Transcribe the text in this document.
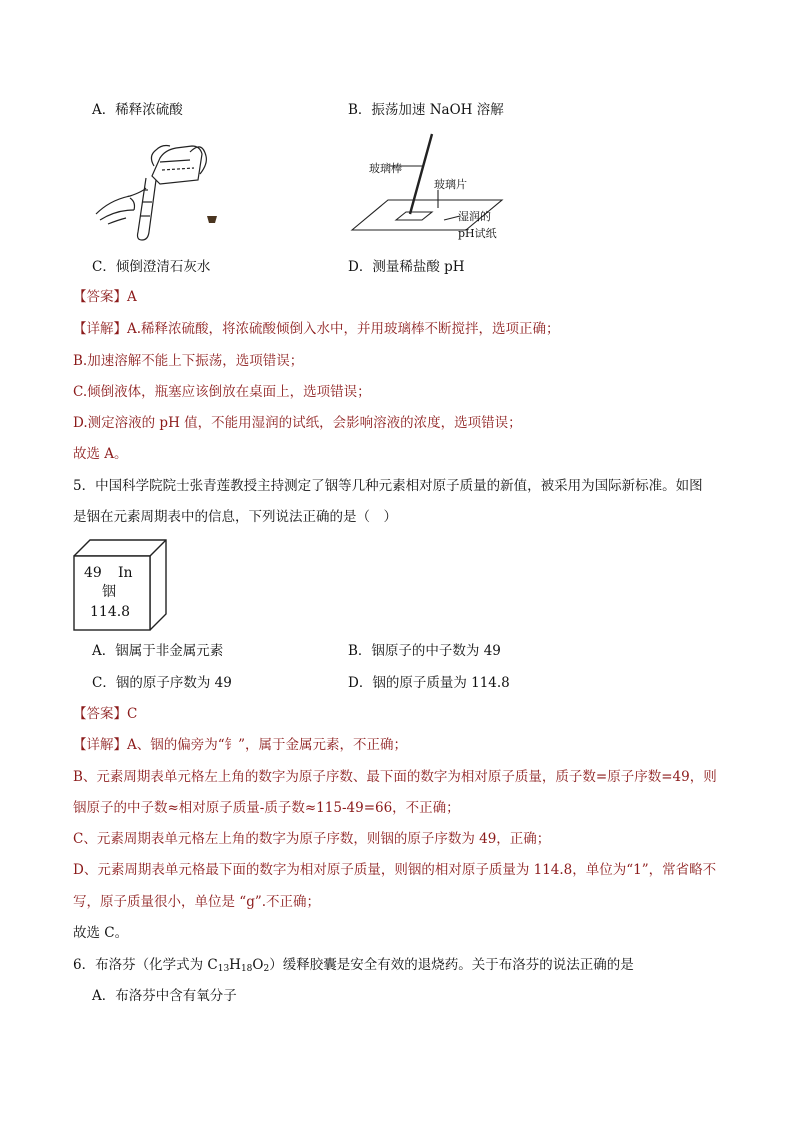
A．稀释浓硫酸	B．振荡加速 NaOH 溶解
玻璃棒
玻璃片
湿润的
pH试纸
C．倾倒澄清石灰水	D．测量稀盐酸 pH
【答案】A
【详解】A.稀释浓硫酸，将浓硫酸倾倒入水中，并用玻璃棒不断搅拌，选项正确；
B.加速溶解不能上下振荡，选项错误；
C.倾倒液体，瓶塞应该倒放在桌面上，选项错误；
D.测定溶液的 pH 值，不能用湿润的试纸，会影响溶液的浓度，选项错误；
故选 A。
5．中国科学院院士张青莲教授主持测定了铟等几种元素相对原子质量的新值，被采用为国际新标准。如图
是铟在元素周期表中的信息，下列说法正确的是（　）
49 In
铟
114.8
A．铟属于非金属元素	B．铟原子的中子数为 49
C．铟的原子序数为 49	D．铟的原子质量为 114.8
【答案】C
【详解】A、铟的偏旁为“钅”，属于金属元素，不正确；
B、元素周期表单元格左上角的数字为原子序数、最下面的数字为相对原子质量，质子数=原子序数=49，则
铟原子的中子数≈相对原子质量-质子数≈115-49=66，不正确；
C、元素周期表单元格左上角的数字为原子序数，则铟的原子序数为 49，正确；
D、元素周期表单元格最下面的数字为相对原子质量，则铟的相对原子质量为 114.8，单位为“1”，常省略不
写，原子质量很小，单位是 “g”.不正确；
故选 C。
6．布洛芬（化学式为 $C_{13}H_{18}O_2$）缓释胶囊是安全有效的退烧药。关于布洛芬的说法正确的是
A．布洛芬中含有氧分子
